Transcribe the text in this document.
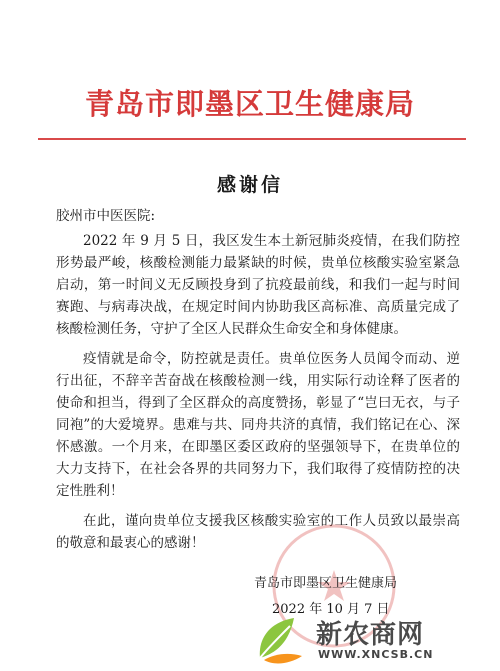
青岛市即墨区卫生健康局
感谢信
胶州市中医医院:

2022 年 9 月 5 日，我区发生本土新冠肺炎疫情，在我们防控形势最严峻，核酸检测能力最紧缺的时候，贵单位核酸实验室紧急启动，第一时间义无反顾投身到了抗疫最前线，和我们一起与时间赛跑、与病毒决战，在规定时间内协助我区高标准、高质量完成了核酸检测任务，守护了全区人民群众生命安全和身体健康。

疫情就是命令，防控就是责任。贵单位医务人员闻令而动、逆行出征，不辞辛苦奋战在核酸检测一线，用实际行动诠释了医者的使命和担当，得到了全区群众的高度赞扬，彰显了“岂曰无衣，与子同袍”的大爱境界。患难与共、同舟共济的真情，我们铭记在心、深怀感激。一个月来，在即墨区委区政府的坚强领导下，在贵单位的大力支持下，在社会各界的共同努力下，我们取得了疫情防控的决定性胜利！

在此，谨向贵单位支援我区核酸实验室的工作人员致以最崇高的敬意和最衷心的感谢！

青岛市即墨区卫生健康局
2022 年 10 月 7 日
新农商网
WWW.XNCSB.CN
